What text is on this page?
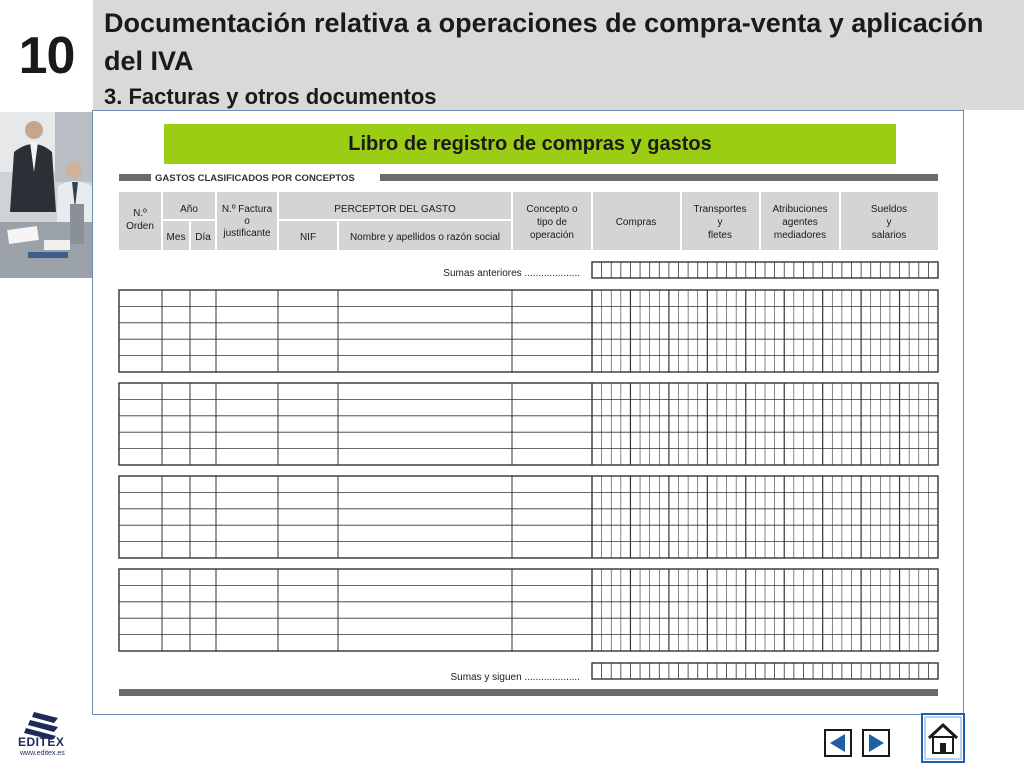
10
Documentación relativa a operaciones de compra-venta y aplicación del IVA
3. Facturas y otros documentos
Libro de registro de compras y gastos
GASTOS CLASIFICADOS POR CONCEPTOS
N.º
Orden
Año
Mes Día
N.º Factura
o
justificante
PERCEPTOR DEL GASTO
NIF	Nombre y apellidos o razón social
Concepto o
tipo de
operación
Compras
Transportes
y
fletes
Atribuciones
agentes
mediadores
Sueldos
y
salarios
Sumas anteriores ....................
Sumas y siguen ....................
EDITEX
www.editex.es
